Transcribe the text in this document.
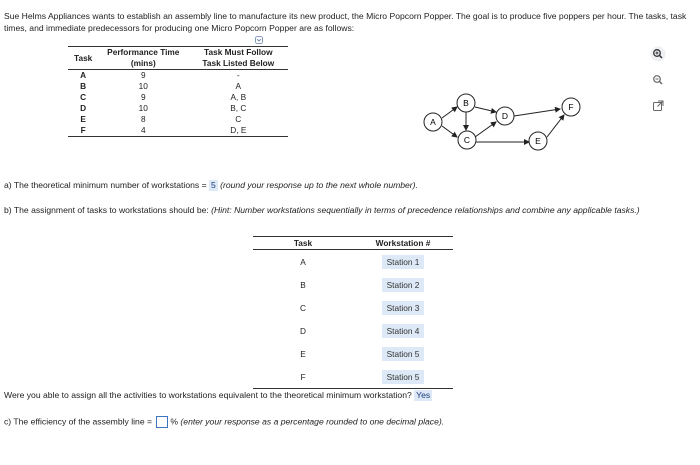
Sue Helms Appliances wants to establish an assembly line to manufacture its new product, the Micro Popcorn Popper. The goal is to produce five poppers per hour. The tasks, task times, and immediate predecessors for producing one Micro Popcorn Popper are as follows:
Task	Performance Time (mins)	Task Must Follow Task Listed Below
A	9	-
B	10	A
C	9	A, B
D	10	B, C
E	8	C
F	4	D, E
A
B
C
D
E
F
a) The theoretical minimum number of workstations = 5 (round your response up to the next whole number).
b) The assignment of tasks to workstations should be: (Hint: Number workstations sequentially in terms of precedence relationships and combine any applicable tasks.)
Task	Workstation #
A	Station 1
B	Station 2
C	Station 3
D	Station 4
E	Station 5
F	Station 5
Were you able to assign all the activities to workstations equivalent to the theoretical minimum workstation? Yes
c) The efficiency of the assembly line = % (enter your response as a percentage rounded to one decimal place).
